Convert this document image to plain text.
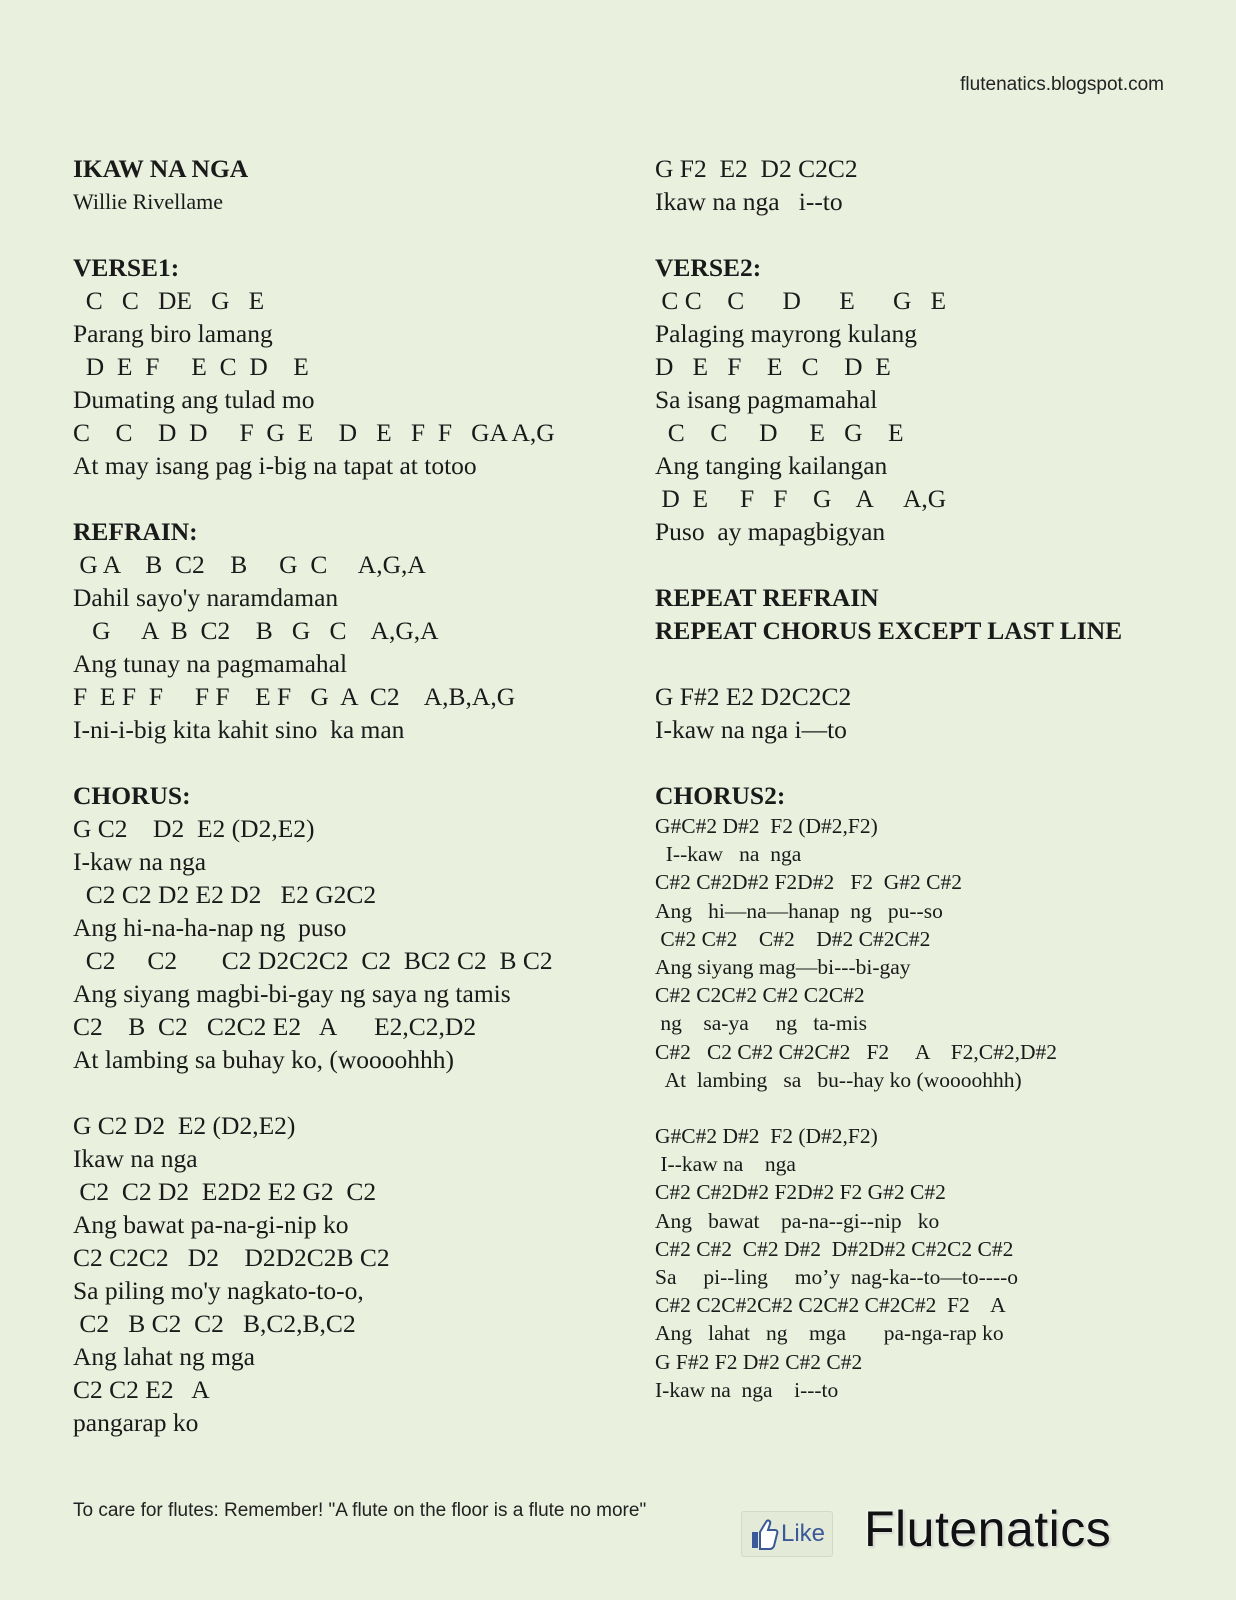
flutenatics.blogspot.com
IKAW NA NGA
Willie Rivellame
VERSE1:
C   C   DE   G   E
Parang biro lamang
D  E  F     E  C  D    E
Dumating ang tulad mo
C    C    D  D     F  G  E    D   E   F  F   GA A,G
At may isang pag i-big na tapat at totoo
REFRAIN:
G A    B  C2    B     G  C     A,G,A
Dahil sayo'y naramdaman
G     A  B  C2    B   G   C    A,G,A
Ang tunay na pagmamahal
F  E F  F     F F    E F   G  A  C2    A,B,A,G
I-ni-i-big kita kahit sino  ka man
CHORUS:
G C2    D2  E2 (D2,E2)
I-kaw na nga
C2 C2 D2 E2 D2   E2 G2C2
Ang hi-na-ha-nap ng  puso
C2     C2       C2 D2C2C2  C2  BC2 C2  B C2
Ang siyang magbi-bi-gay ng saya ng tamis
C2    B  C2   C2C2 E2   A      E2,C2,D2
At lambing sa buhay ko, (woooohhh)
G C2 D2  E2 (D2,E2)
Ikaw na nga
C2  C2 D2  E2D2 E2 G2  C2
Ang bawat pa-na-gi-nip ko
C2 C2C2   D2    D2D2C2B C2
Sa piling mo'y nagkato-to-o,
C2   B C2  C2   B,C2,B,C2
Ang lahat ng mga
C2 C2 E2   A
pangarap ko
G F2  E2  D2 C2C2
Ikaw na nga   i--to
VERSE2:
C C    C      D      E      G   E
Palaging mayrong kulang
D   E   F    E   C    D  E
Sa isang pagmamahal
C    C     D     E   G    E
Ang tanging kailangan
D  E     F   F    G    A     A,G
Puso  ay mapagbigyan
REPEAT REFRAIN
REPEAT CHORUS EXCEPT LAST LINE
G F#2 E2 D2C2C2
I-kaw na nga i—to
CHORUS2:
G#C#2 D#2  F2 (D#2,F2)
I--kaw   na  nga
C#2 C#2D#2 F2D#2   F2  G#2 C#2
Ang   hi—na—hanap  ng   pu--so
C#2 C#2    C#2    D#2 C#2C#2
Ang siyang mag—bi---bi-gay
C#2 C2C#2 C#2 C2C#2
ng    sa-ya     ng   ta-mis
C#2   C2 C#2 C#2C#2   F2     A    F2,C#2,D#2
At  lambing   sa   bu--hay ko (woooohhh)
G#C#2 D#2  F2 (D#2,F2)
I--kaw na    nga
C#2 C#2D#2 F2D#2 F2 G#2 C#2
Ang   bawat    pa-na--gi--nip   ko
C#2 C#2  C#2 D#2  D#2D#2 C#2C2 C#2
Sa     pi--ling     mo’y  nag-ka--to—to----o
C#2 C2C#2C#2 C2C#2 C#2C#2  F2    A
Ang   lahat   ng    mga       pa-nga-rap ko
G F#2 F2 D#2 C#2 C#2
I-kaw na  nga    i---to
To care for flutes: Remember! "A flute on the floor is a flute no more"
Like Flutenatics
